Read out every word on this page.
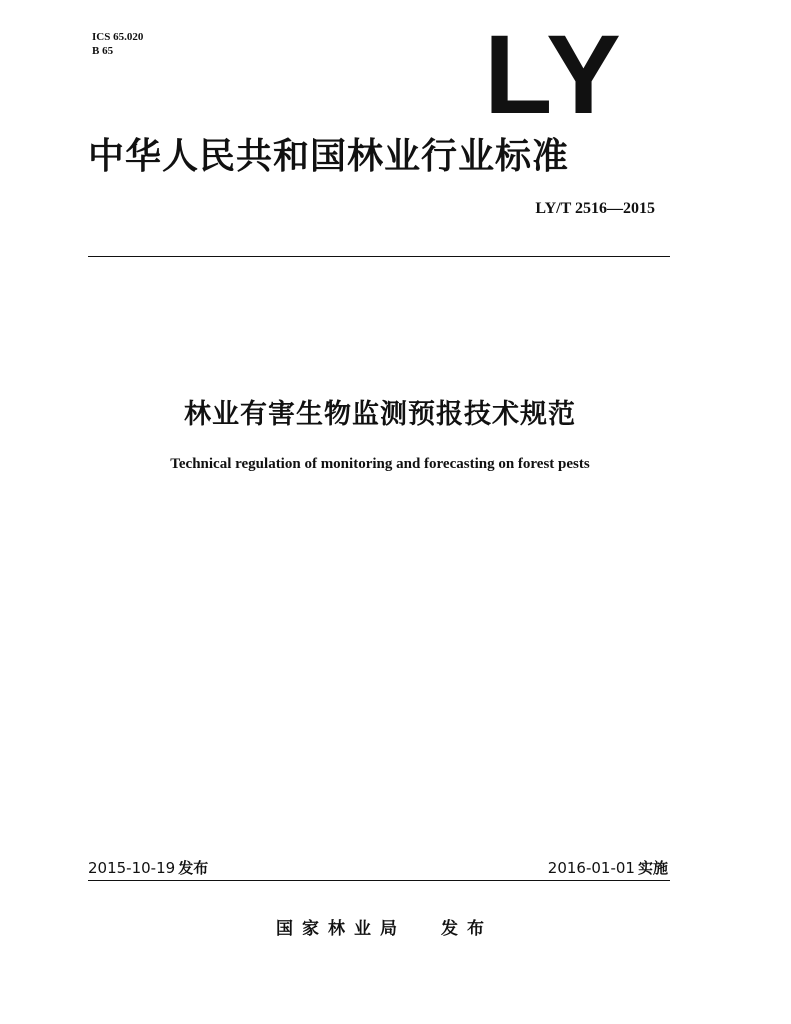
ICS 65.020
B 65	LY
中华人民共和国林业行业标准
LY/T 2516—2015
林业有害生物监测预报技术规范
Technical regulation of monitoring and forecasting on forest pests
2015-10-19 发布	2016-01-01 实施
国家林业局 发布
